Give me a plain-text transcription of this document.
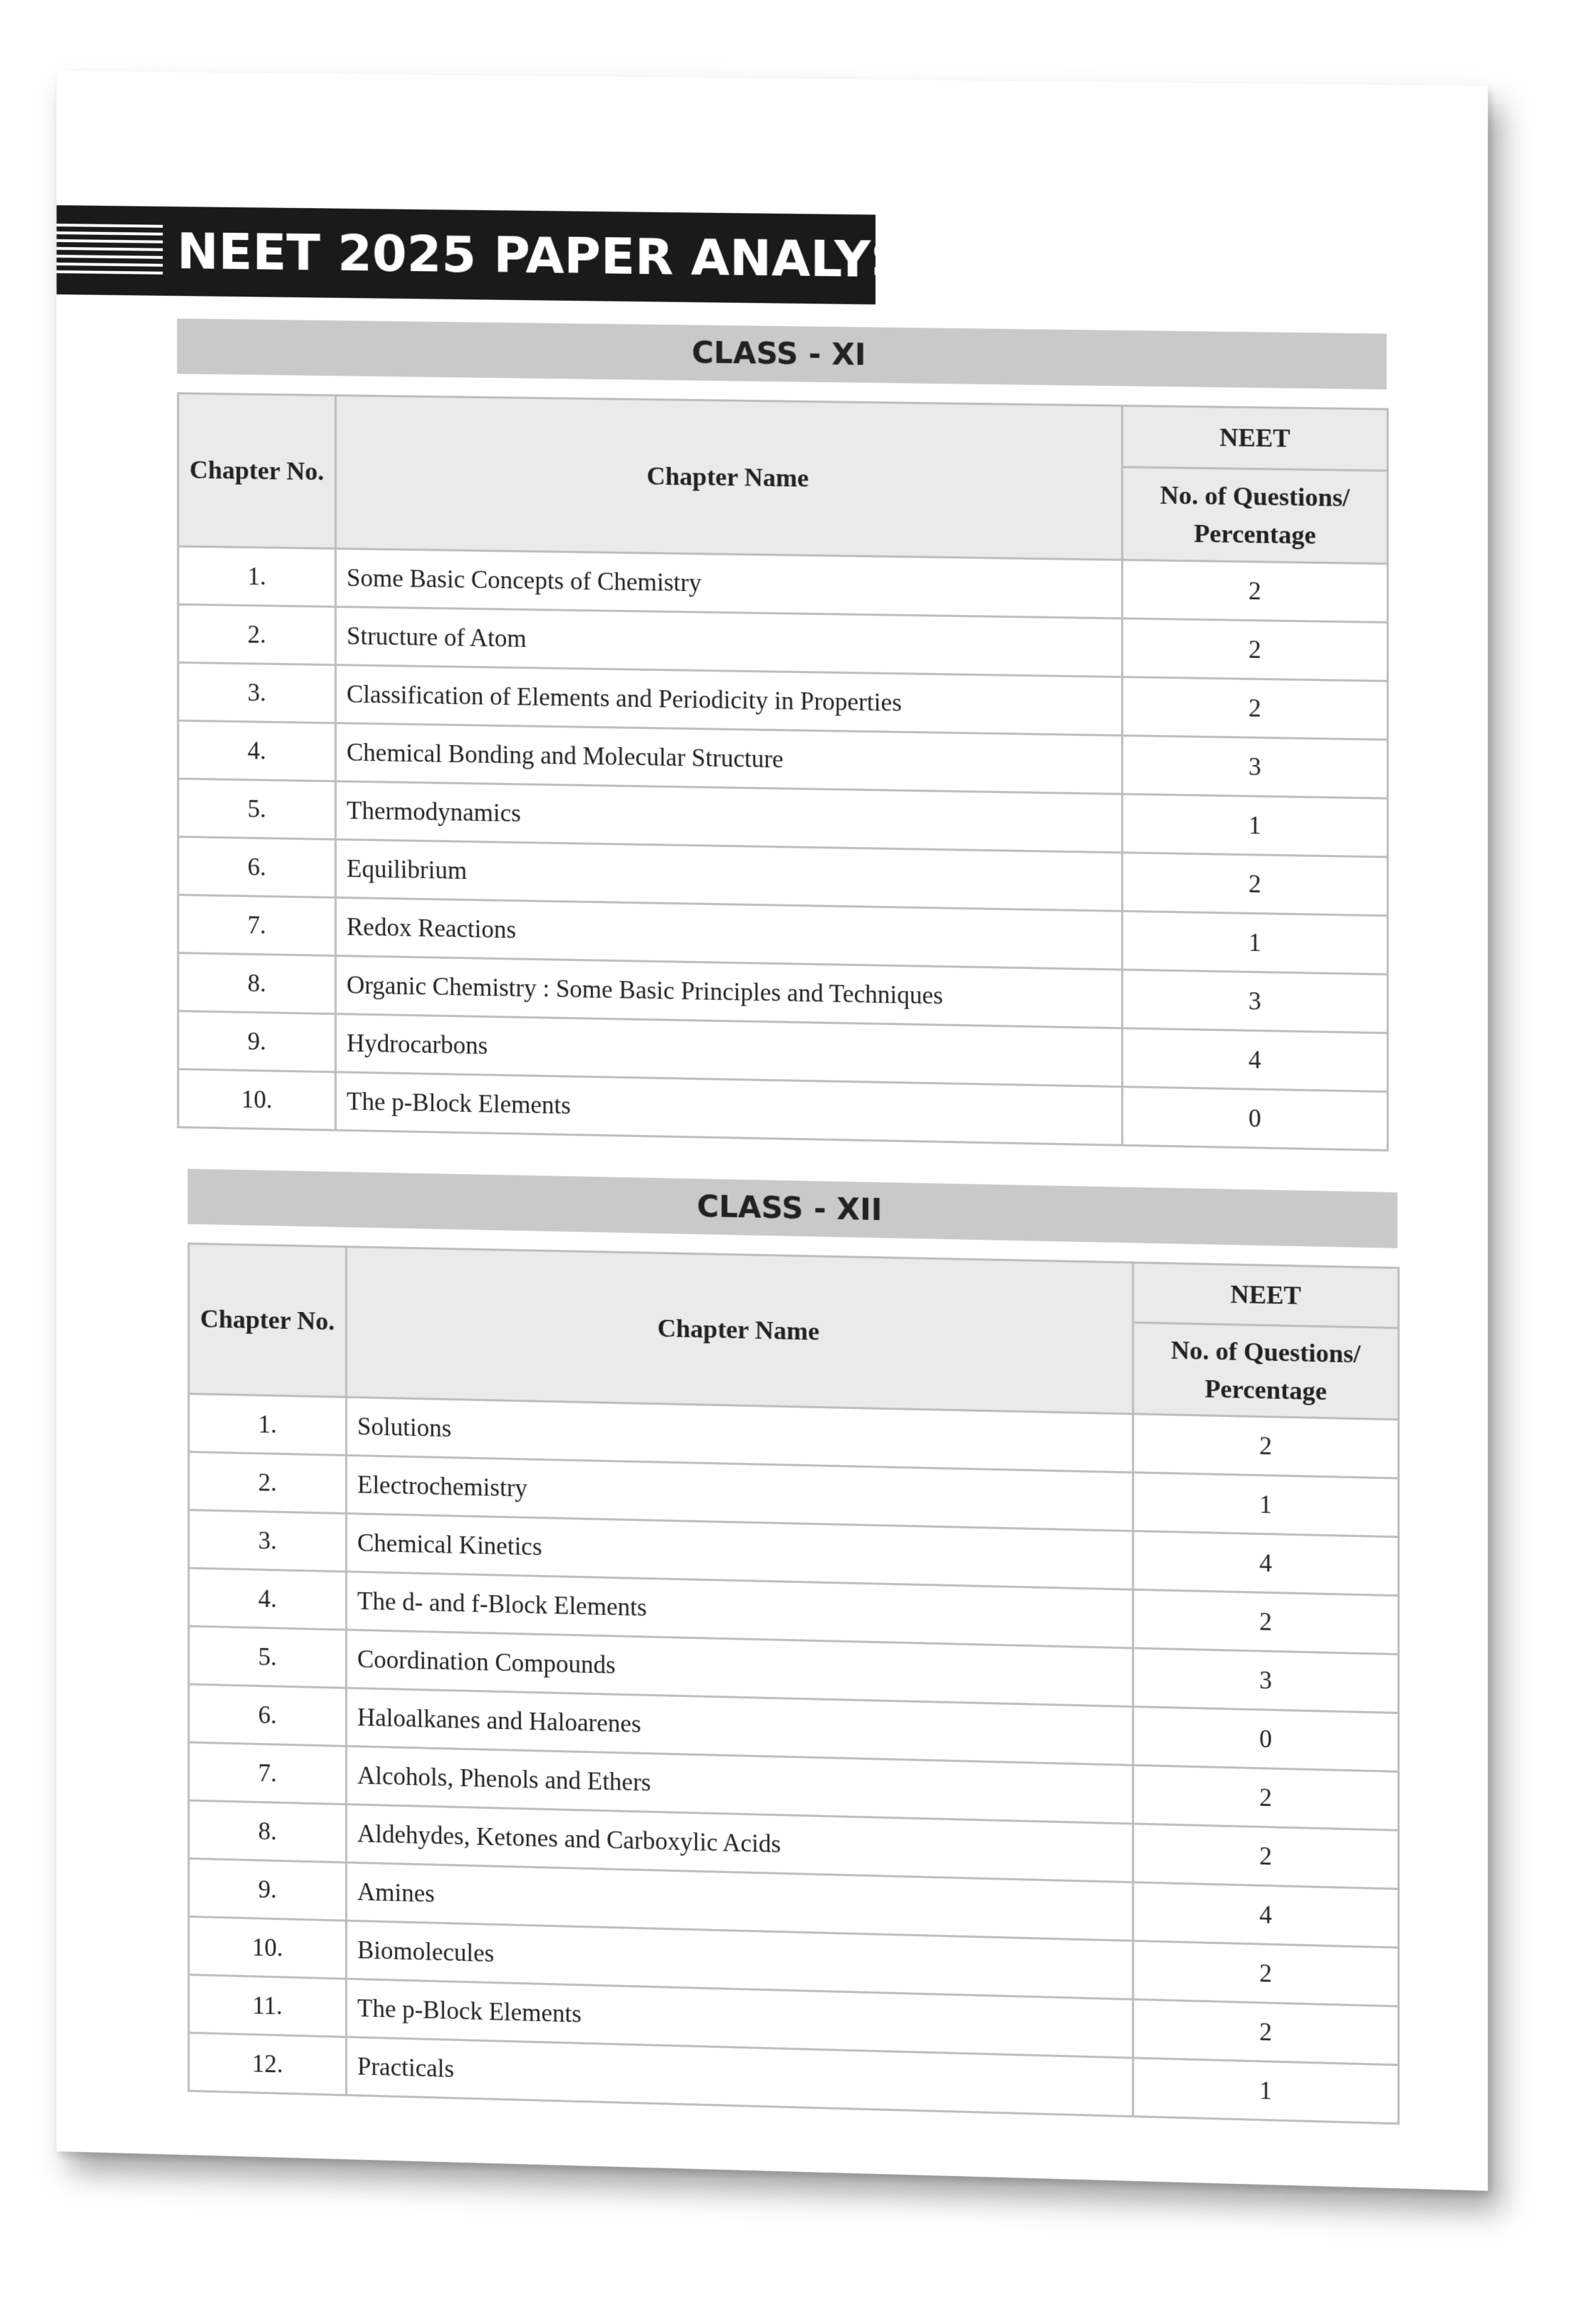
NEET 2025 PAPER ANALYSIS
CLASS - XI
Chapter No.	Chapter Name	NEET
		No. of Questions/
Percentage
1.	Some Basic Concepts of Chemistry	2
2.	Structure of Atom	2
3.	Classification of Elements and Periodicity in Properties	2
4.	Chemical Bonding and Molecular Structure	3
5.	Thermodynamics	1
6.	Equilibrium	2
7.	Redox Reactions	1
8.	Organic Chemistry : Some Basic Principles and Techniques	3
9.	Hydrocarbons	4
10.	The p-Block Elements	0
CLASS - XII
Chapter No.	Chapter Name	NEET
		No. of Questions/
Percentage
1.	Solutions	2
2.	Electrochemistry	1
3.	Chemical Kinetics	4
4.	The d- and f-Block Elements	2
5.	Coordination Compounds	3
6.	Haloalkanes and Haloarenes	0
7.	Alcohols, Phenols and Ethers	2
8.	Aldehydes, Ketones and Carboxylic Acids	2
9.	Amines	4
10.	Biomolecules	2
11.	The p-Block Elements	2
12.	Practicals	1
